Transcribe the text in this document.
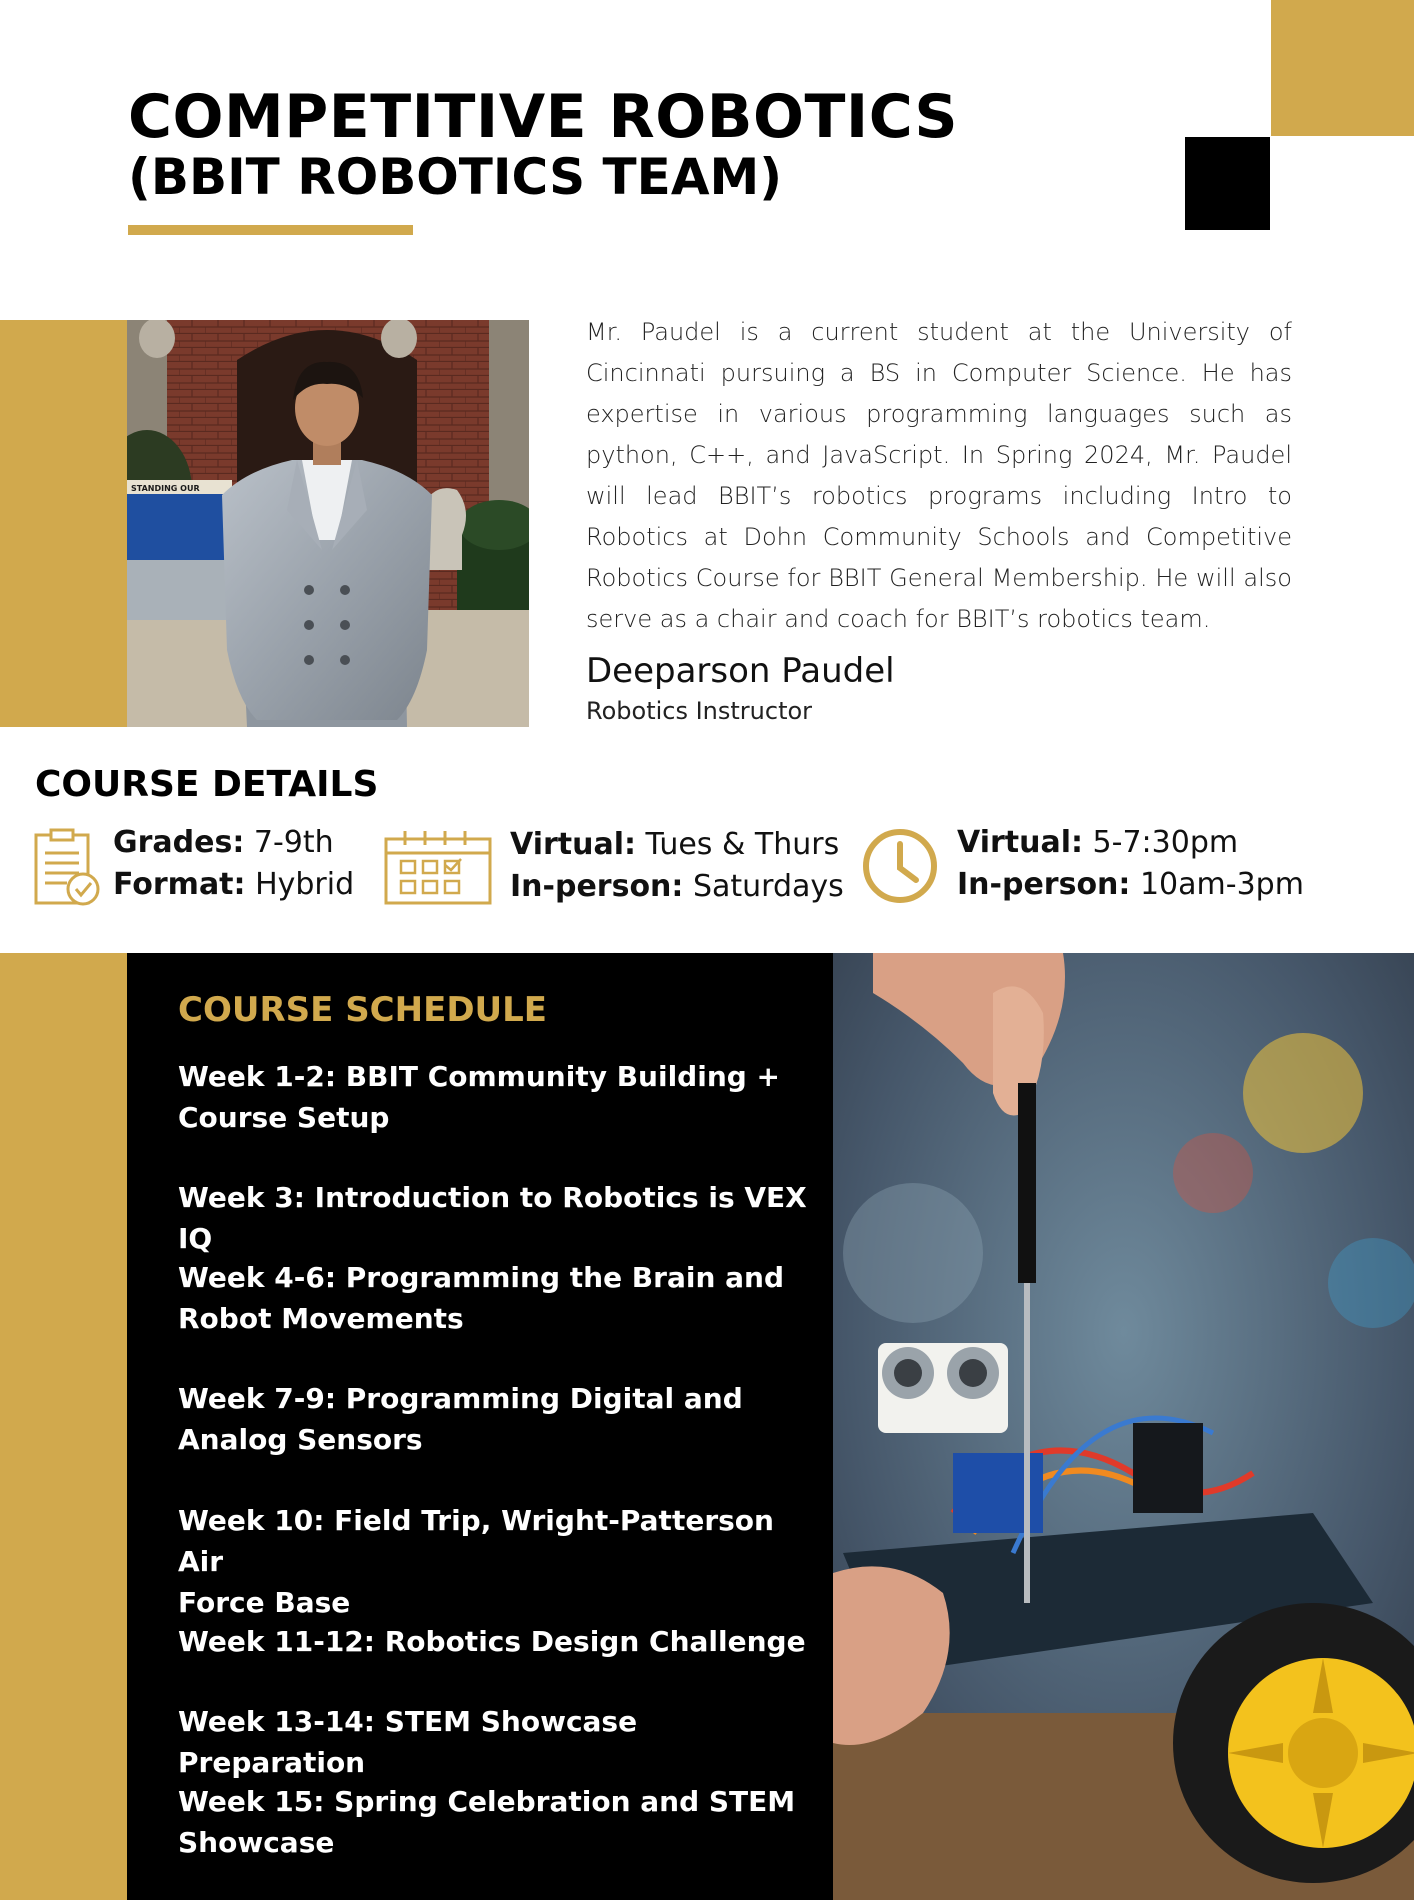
COMPETITIVE ROBOTICS
(BBIT ROBOTICS TEAM)
STANDING OUR

Mr. Paudel is a current student at the University of Cincinnati pursuing a BS in Computer Science. He has expertise in various programming languages such as python, C++, and JavaScript. In Spring 2024, Mr. Paudel will lead BBIT’s robotics programs including Intro to Robotics at Dohn Community Schools and Competitive Robotics Course for BBIT General Membership. He will also serve as a chair and coach for BBIT’s robotics team.

Deeparson Paudel
Robotics Instructor
COURSE DETAILS
Grades: 7-9th
Format: Hybrid
Virtual: Tues & Thurs
In-person: Saturdays
Virtual: 5-7:30pm
In-person: 10am-3pm
COURSE SCHEDULE
Week 1-2: BBIT Community Building +
Course Setup
Week 3: Introduction to Robotics is VEX IQ
Week 4-6: Programming the Brain and
Robot Movements
Week 7-9: Programming Digital and
Analog Sensors
Week 10: Field Trip, Wright-Patterson Air
Force Base
Week 11-12: Robotics Design Challenge
Week 13-14: STEM Showcase Preparation
Week 15: Spring Celebration and STEM
Showcase
